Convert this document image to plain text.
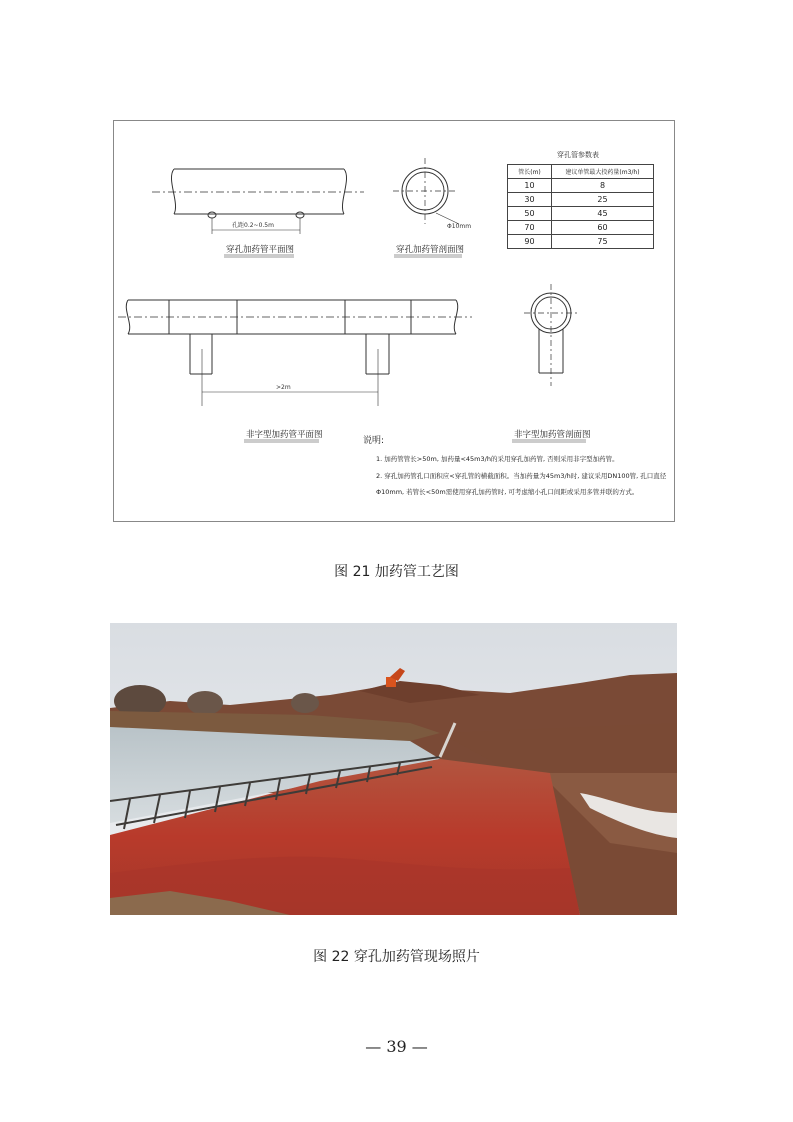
孔距0.2~0.5m	Φ10mm
>2m
穿孔加药管平面图	穿孔加药管剖面图
非字型加药管平面图	非字型加药管剖面图
穿孔管参数表
管长(m)	建议单管最大投药量(m3/h)
10	8
30	25
50	45
70	60
90	75
说明:
1. 加药管管长>50m, 加药量<45m3/h的采用穿孔加药管, 否则采用非字型加药管。
2. 穿孔加药管孔口面积应<穿孔管的横截面积。当加药量为45m3/h时, 建议采用DN100管, 孔口直径
Φ10mm, 若管长<50m需使用穿孔加药管时, 可考虑缩小孔口间距或采用多管并联的方式。
图 21 加药管工艺图
图 22 穿孔加药管现场照片
— 39 —
